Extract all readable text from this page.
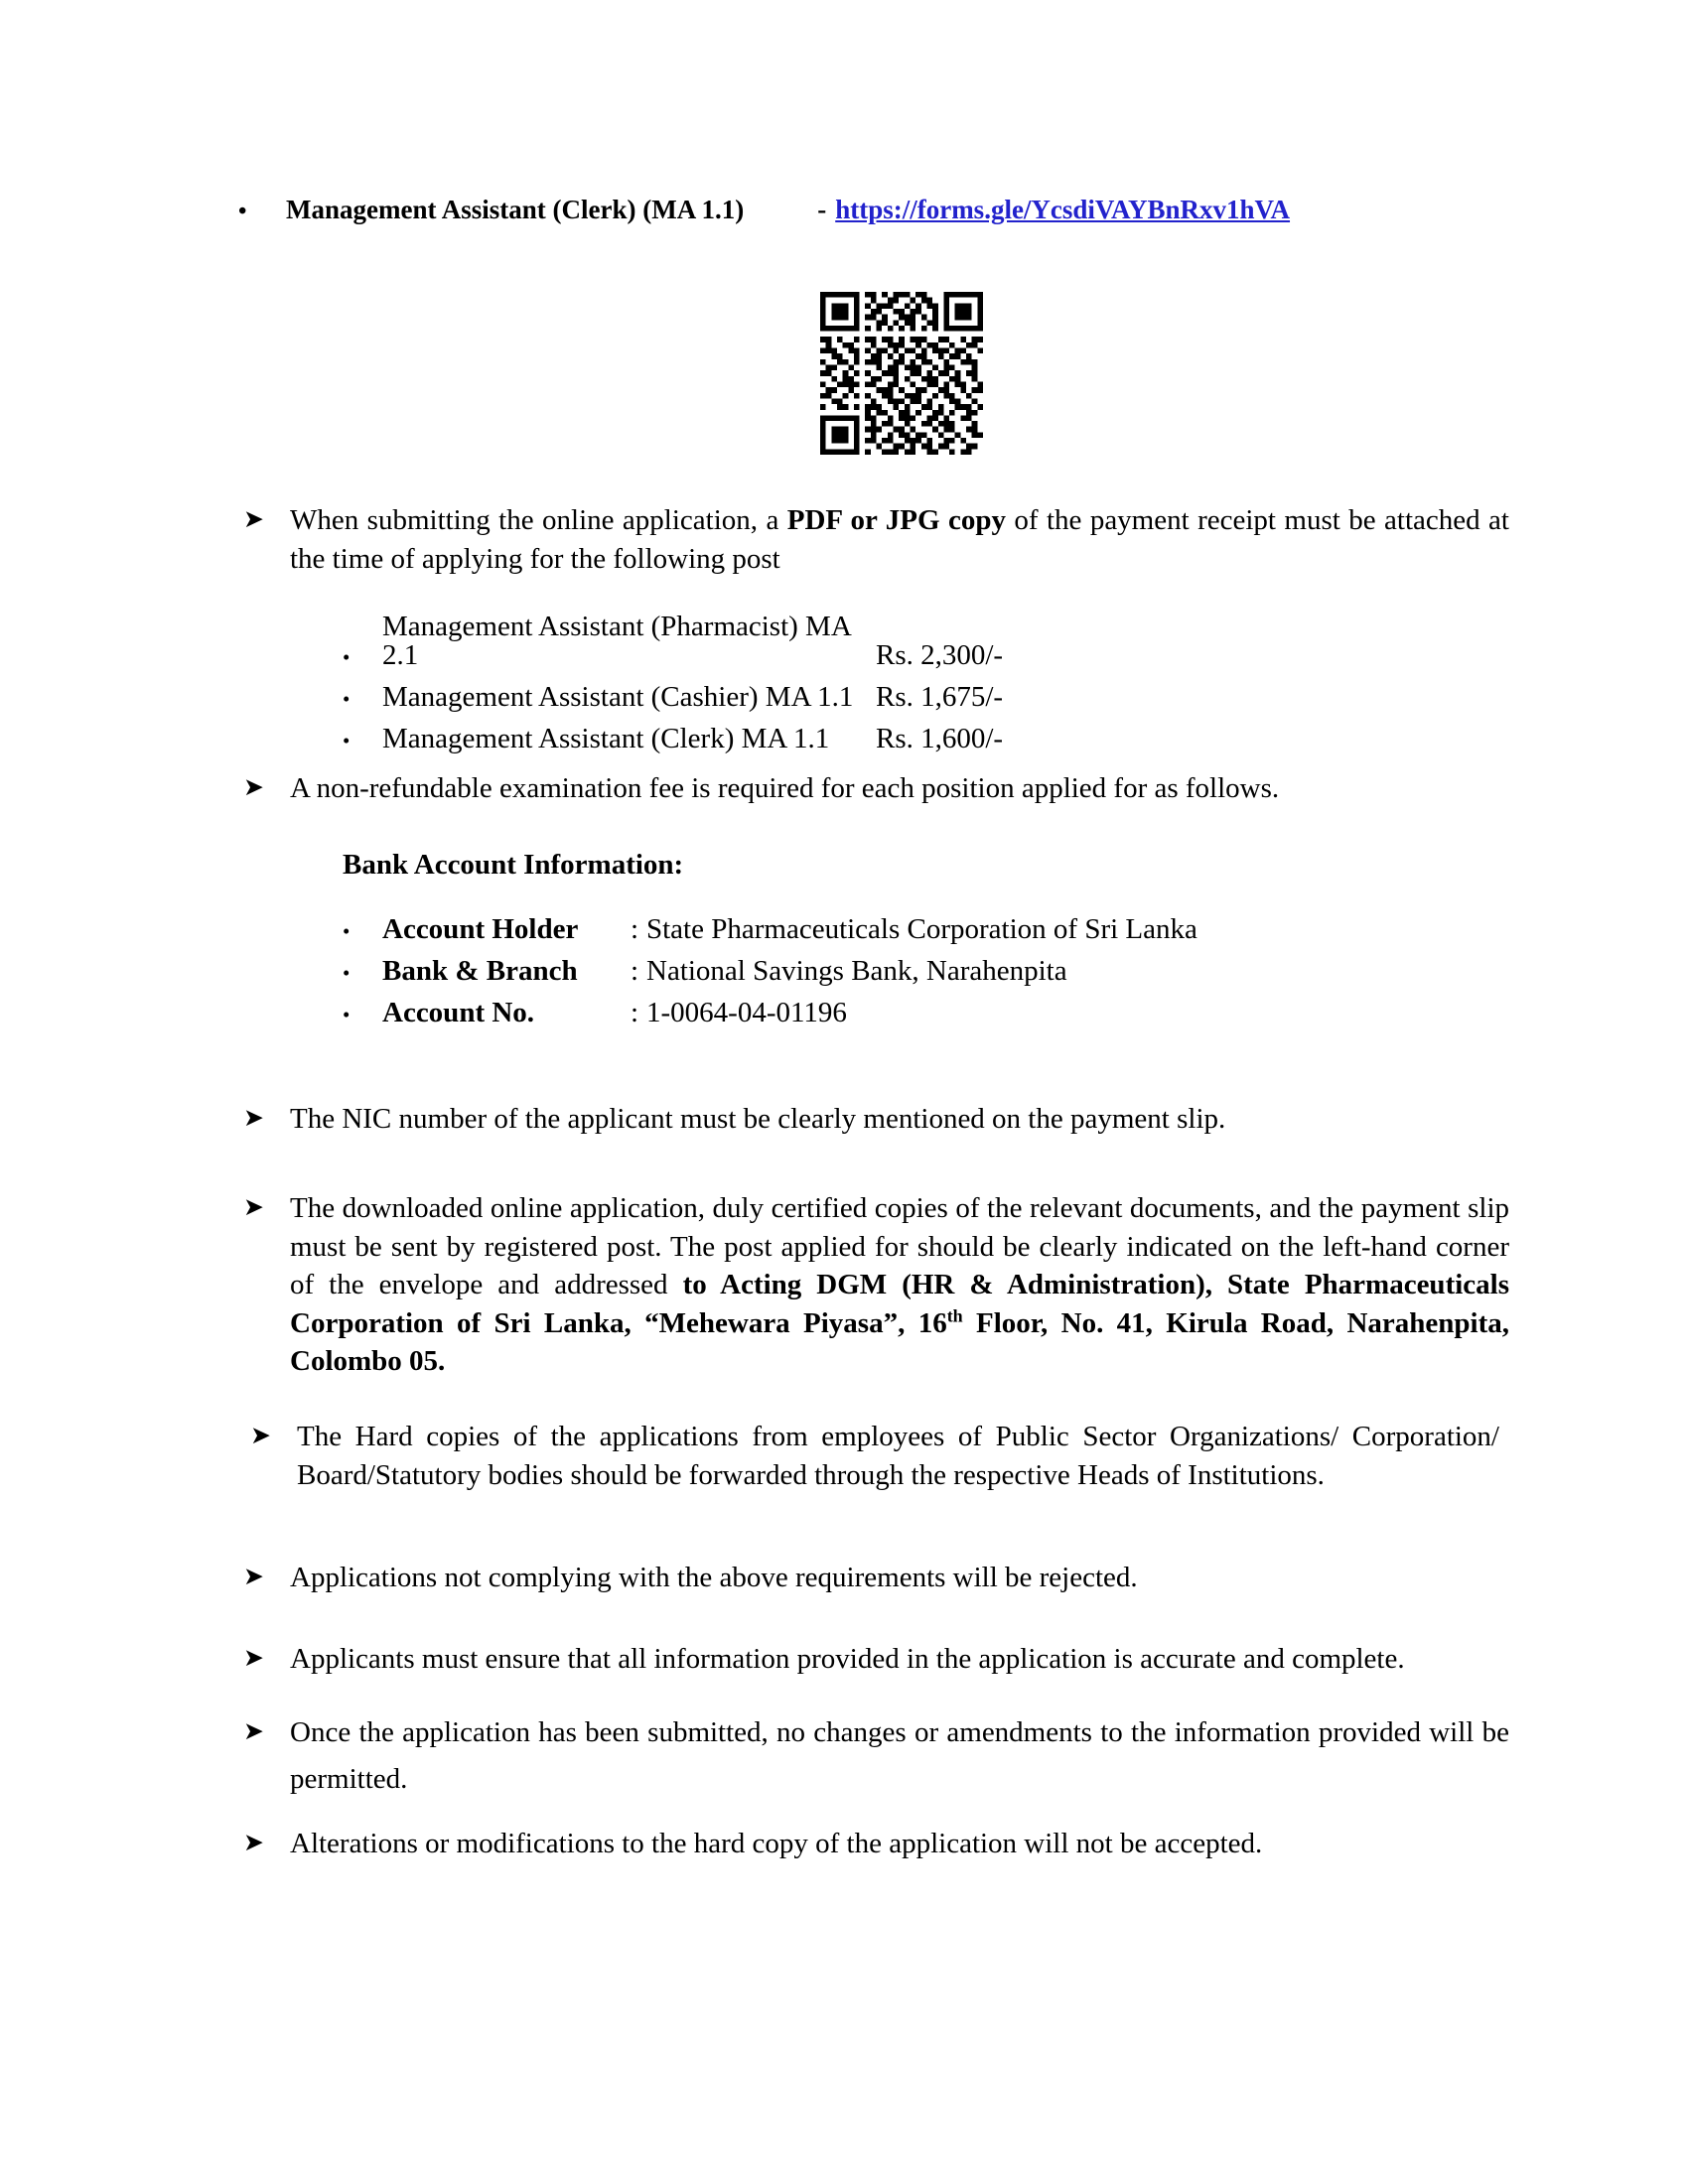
•	Management Assistant (Clerk) (MA 1.1)	- https://forms.gle/YcsdiVAYBnRxv1hVA
➤ When submitting the online application, a PDF or JPG copy of the payment receipt must be attached at the time of applying for the following post
•
Management Assistant (Pharmacist) MA 2.1	Rs. 2,300/-
•	Management Assistant (Cashier) MA 1.1 Rs. 1,675/-
•	Management Assistant (Clerk) MA 1.1 Rs. 1,600/-
➤ A non-refundable examination fee is required for each position applied for as follows.
Bank Account Information:
•	Account Holder : State Pharmaceuticals Corporation of Sri Lanka
•	Bank & Branch : National Savings Bank, Narahenpita
•	Account No.	: 1-0064-04-01196
➤ The NIC number of the applicant must be clearly mentioned on the payment slip.
➤ The downloaded online application, duly certified copies of the relevant documents, and the payment slip must be sent by registered post. The post applied for should be clearly indicated on the left-hand corner of the envelope and addressed to Acting DGM (HR & Administration), State Pharmaceuticals Corporation of Sri Lanka, “Mehewara Piyasa”, 16th Floor, No. 41, Kirula Road, Narahenpita, Colombo 05.
➤ The Hard copies of the applications from employees of Public Sector Organizations/ Corporation/ Board/Statutory bodies should be forwarded through the respective Heads of Institutions.
➤ Applications not complying with the above requirements will be rejected.
➤ Applicants must ensure that all information provided in the application is accurate and complete.
➤ Once the application has been submitted, no changes or amendments to the information provided will be permitted.
➤ Alterations or modifications to the hard copy of the application will not be accepted.
